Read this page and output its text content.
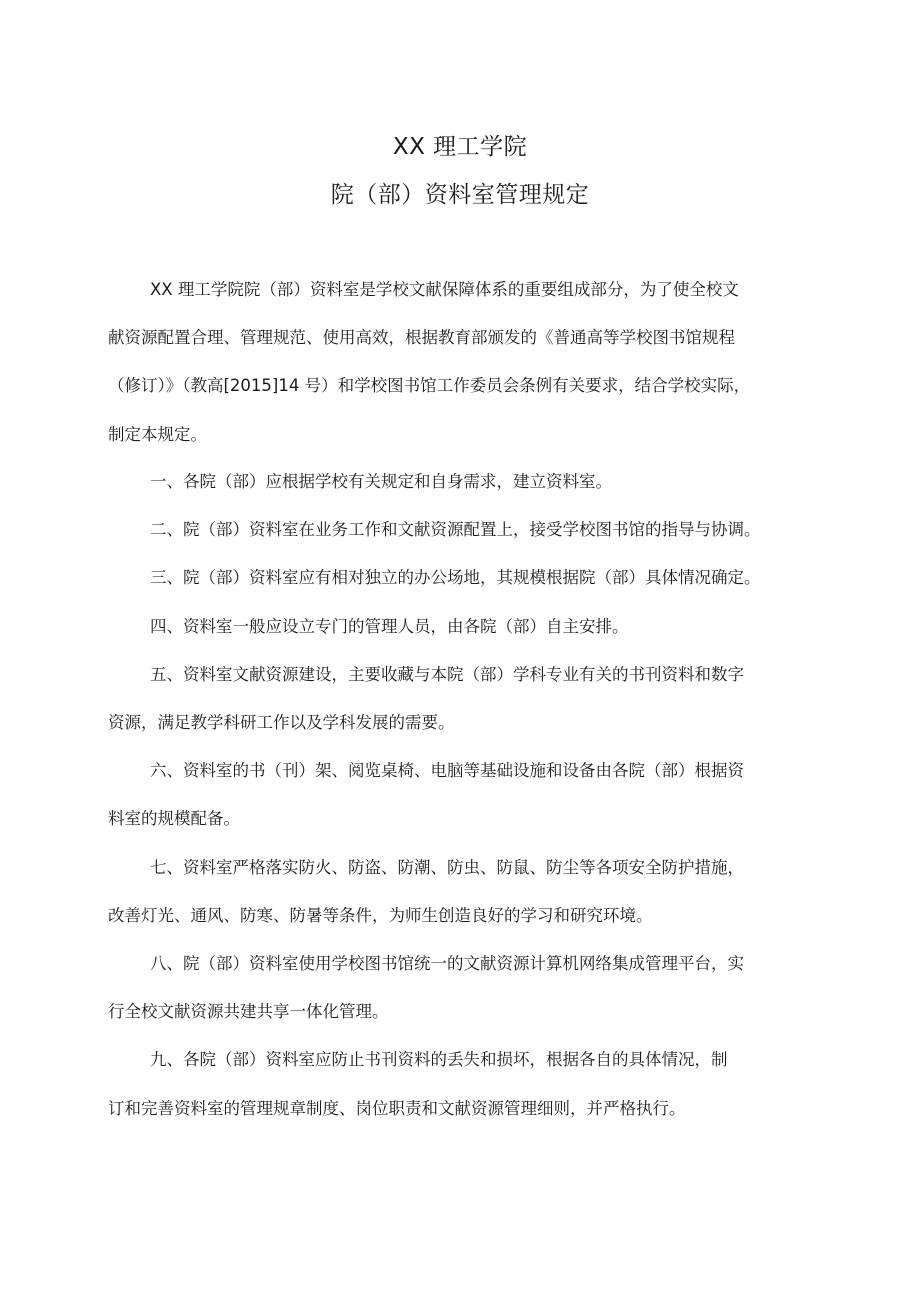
XX 理工学院
院（部）资料室管理规定
XX 理工学院院（部）资料室是学校文献保障体系的重要组成部分，为了使全校文
献资源配置合理、管理规范、使用高效，根据教育部颁发的《普通高等学校图书馆规程
（修订）》（教高[2015]14 号）和学校图书馆工作委员会条例有关要求，结合学校实际，
制定本规定。
一、各院（部）应根据学校有关规定和自身需求，建立资料室。
二、院（部）资料室在业务工作和文献资源配置上，接受学校图书馆的指导与协调。
三、院（部）资料室应有相对独立的办公场地，其规模根据院（部）具体情况确定。
四、资料室一般应设立专门的管理人员，由各院（部）自主安排。
五、资料室文献资源建设，主要收藏与本院（部）学科专业有关的书刊资料和数字
资源，满足教学科研工作以及学科发展的需要。
六、资料室的书（刊）架、阅览桌椅、电脑等基础设施和设备由各院（部）根据资
料室的规模配备。
七、资料室严格落实防火、防盗、防潮、防虫、防鼠、防尘等各项安全防护措施，
改善灯光、通风、防寒、防暑等条件，为师生创造良好的学习和研究环境。
八、院（部）资料室使用学校图书馆统一的文献资源计算机网络集成管理平台，实
行全校文献资源共建共享一体化管理。
九、各院（部）资料室应防止书刊资料的丢失和损坏，根据各自的具体情况，制
订和完善资料室的管理规章制度、岗位职责和文献资源管理细则，并严格执行。
